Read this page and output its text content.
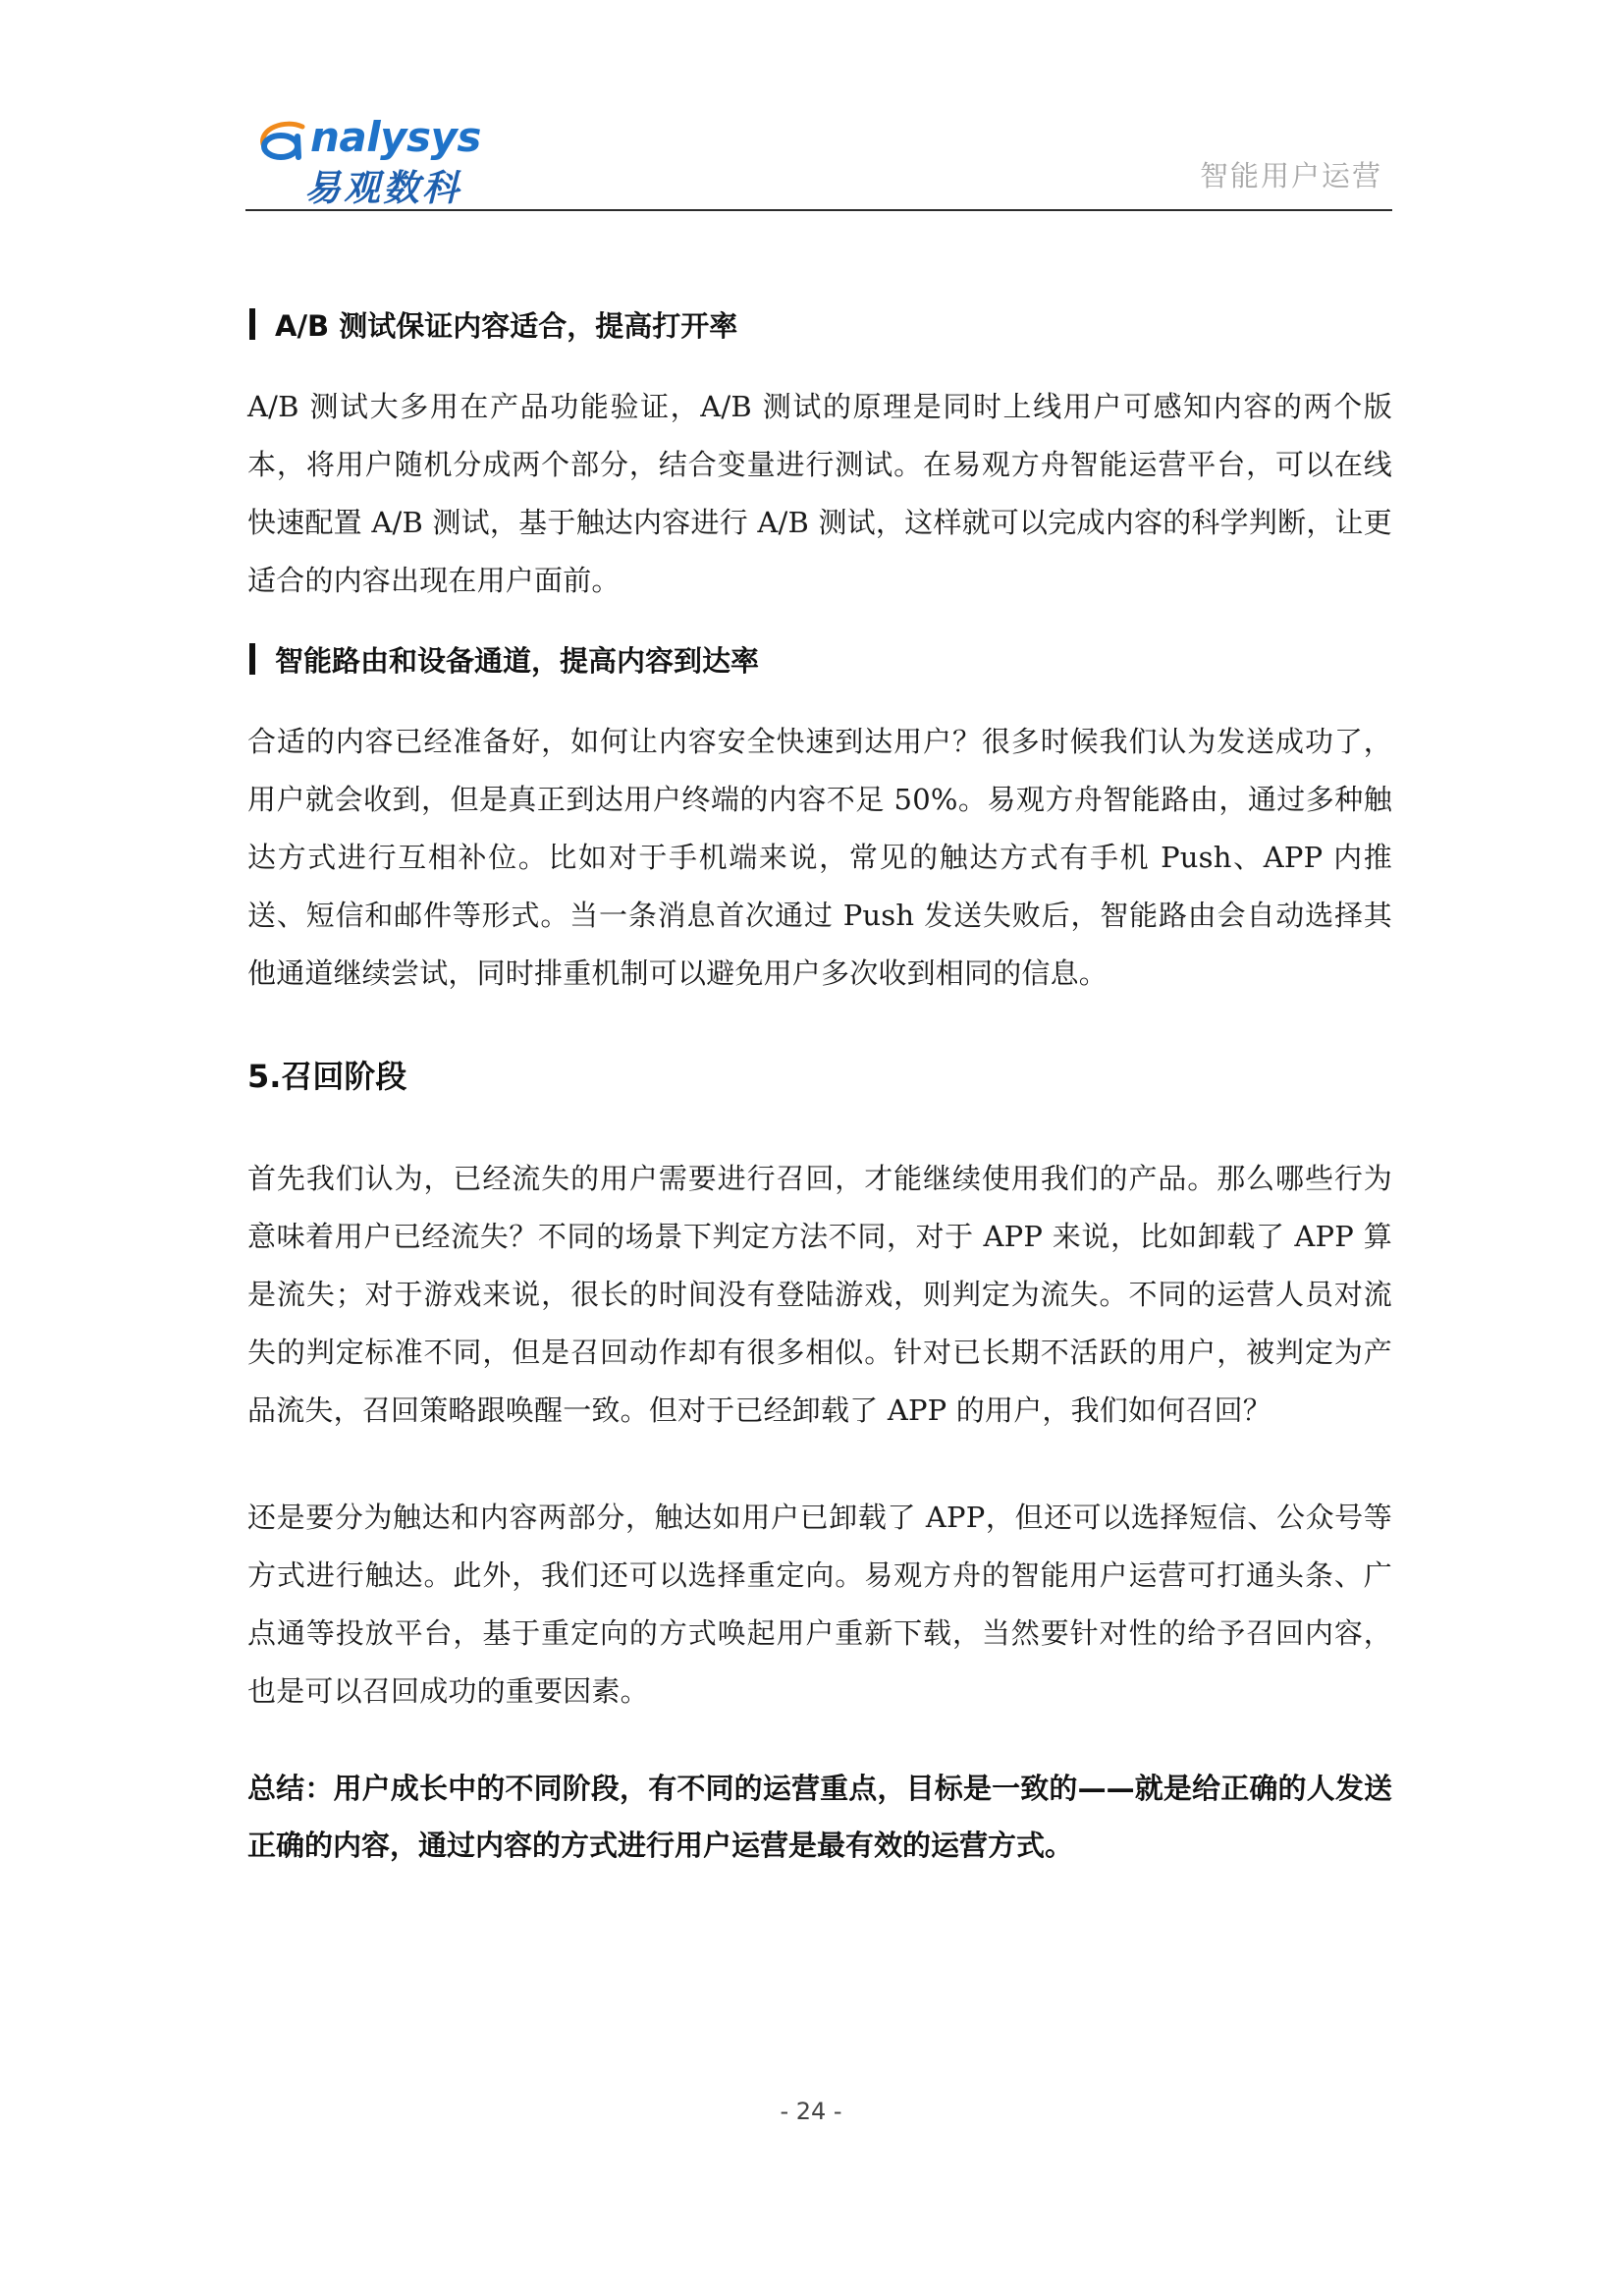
nalysys
易观数科	智能用户运营
A/B 测试保证内容适合，提高打开率

A/B 测试大多用在产品功能验证，A/B 测试的原理是同时上线用户可感知内容的两个版本，将用户随机分成两个部分，结合变量进行测试。在易观方舟智能运营平台，可以在线快速配置 A/B 测试，基于触达内容进行 A/B 测试，这样就可以完成内容的科学判断，让更适合的内容出现在用户面前。

智能路由和设备通道，提高内容到达率

合适的内容已经准备好，如何让内容安全快速到达用户？很多时候我们认为发送成功了，用户就会收到，但是真正到达用户终端的内容不足 50%。易观方舟智能路由，通过多种触达方式进行互相补位。比如对于手机端来说，常见的触达方式有手机 Push、APP 内推送、短信和邮件等形式。当一条消息首次通过 Push 发送失败后，智能路由会自动选择其他通道继续尝试，同时排重机制可以避免用户多次收到相同的信息。

5.召回阶段

首先我们认为，已经流失的用户需要进行召回，才能继续使用我们的产品。那么哪些行为意味着用户已经流失？不同的场景下判定方法不同，对于 APP 来说，比如卸载了 APP 算是流失；对于游戏来说，很长的时间没有登陆游戏，则判定为流失。不同的运营人员对流失的判定标准不同，但是召回动作却有很多相似。针对已长期不活跃的用户，被判定为产品流失，召回策略跟唤醒一致。但对于已经卸载了 APP 的用户，我们如何召回？

还是要分为触达和内容两部分，触达如用户已卸载了 APP，但还可以选择短信、公众号等方式进行触达。此外，我们还可以选择重定向。易观方舟的智能用户运营可打通头条、广点通等投放平台，基于重定向的方式唤起用户重新下载，当然要针对性的给予召回内容，也是可以召回成功的重要因素。

总结：用户成长中的不同阶段，有不同的运营重点，目标是一致的——就是给正确的人发送正确的内容，通过内容的方式进行用户运营是最有效的运营方式。

- 24 -
